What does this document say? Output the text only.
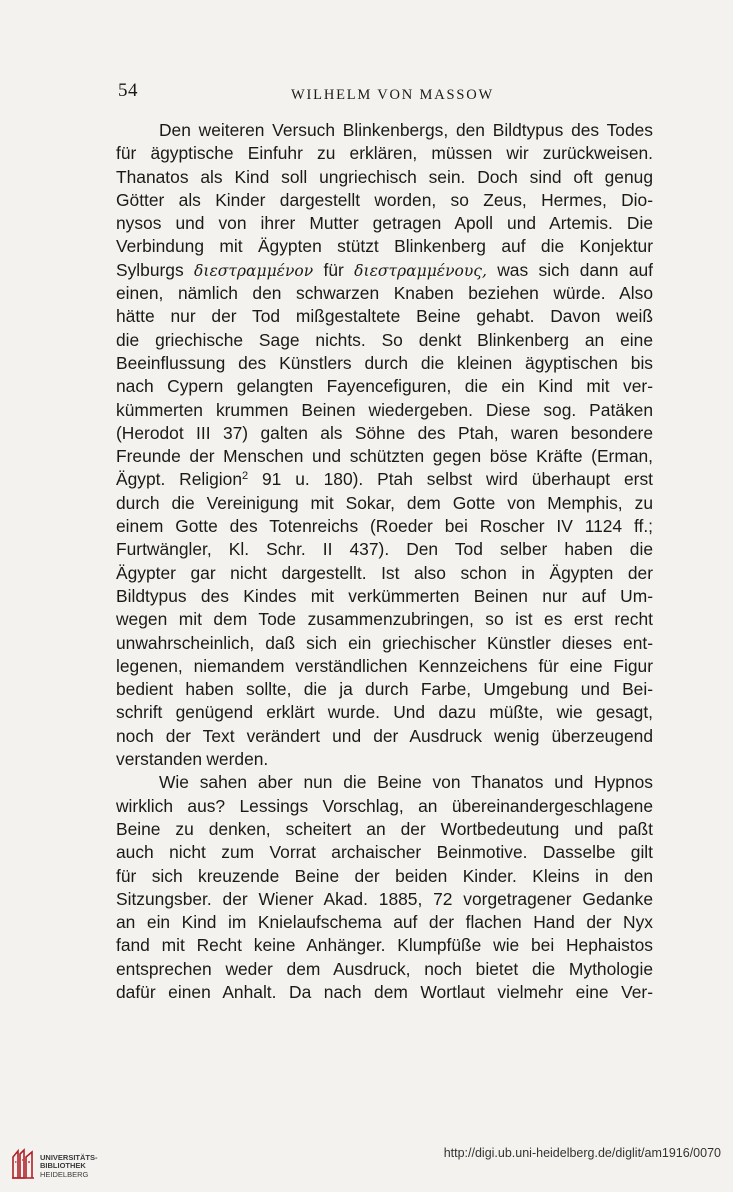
54	WILHELM VON MASSOW
Den weiteren Versuch Blinkenbergs, den Bildtypus des Todes
für ägyptische Einfuhr zu erklären, müssen wir zurückweisen.
Thanatos als Kind soll ungriechisch sein. Doch sind oft genug
Götter als Kinder dargestellt worden, so Zeus, Hermes, Dio-
nysos und von ihrer Mutter getragen Apoll und Artemis. Die
Verbindung mit Ägypten stützt Blinkenberg auf die Konjektur
Sylburgs διεστραμμένον für διεστραμμένους, was sich dann auf
einen, nämlich den schwarzen Knaben beziehen würde. Also
hätte nur der Tod mißgestaltete Beine gehabt. Davon weiß
die griechische Sage nichts. So denkt Blinkenberg an eine
Beeinflussung des Künstlers durch die kleinen ägyptischen bis
nach Cypern gelangten Fayencefiguren, die ein Kind mit ver-
kümmerten krummen Beinen wiedergeben. Diese sog. Patäken
(Herodot III 37) galten als Söhne des Ptah, waren besondere
Freunde der Menschen und schützten gegen böse Kräfte (Erman,
Ägypt. Religion$^2$ 91 u. 180). Ptah selbst wird überhaupt erst
durch die Vereinigung mit Sokar, dem Gotte von Memphis, zu
einem Gotte des Totenreichs (Roeder bei Roscher IV 1124 ff.;
Furtwängler, Kl. Schr. II 437). Den Tod selber haben die
Ägypter gar nicht dargestellt. Ist also schon in Ägypten der
Bildtypus des Kindes mit verkümmerten Beinen nur auf Um-
wegen mit dem Tode zusammenzubringen, so ist es erst recht
unwahrscheinlich, daß sich ein griechischer Künstler dieses ent-
legenen, niemandem verständlichen Kennzeichens für eine Figur
bedient haben sollte, die ja durch Farbe, Umgebung und Bei-
schrift genügend erklärt wurde. Und dazu müßte, wie gesagt,
noch der Text verändert und der Ausdruck wenig überzeugend
verstanden werden.
Wie sahen aber nun die Beine von Thanatos und Hypnos
wirklich aus? Lessings Vorschlag, an übereinandergeschlagene
Beine zu denken, scheitert an der Wortbedeutung und paßt
auch nicht zum Vorrat archaischer Beinmotive. Dasselbe gilt
für sich kreuzende Beine der beiden Kinder. Kleins in den
Sitzungsber. der Wiener Akad. 1885, 72 vorgetragener Gedanke
an ein Kind im Knielaufschema auf der flachen Hand der Nyx
fand mit Recht keine Anhänger. Klumpfüße wie bei Hephaistos
entsprechen weder dem Ausdruck, noch bietet die Mythologie
dafür einen Anhalt. Da nach dem Wortlaut vielmehr eine Ver-
UNIVERSITÄTS-
BIBLIOTHEK
HEIDELBERG
http://digi.ub.uni-heidelberg.de/diglit/am1916/0070
